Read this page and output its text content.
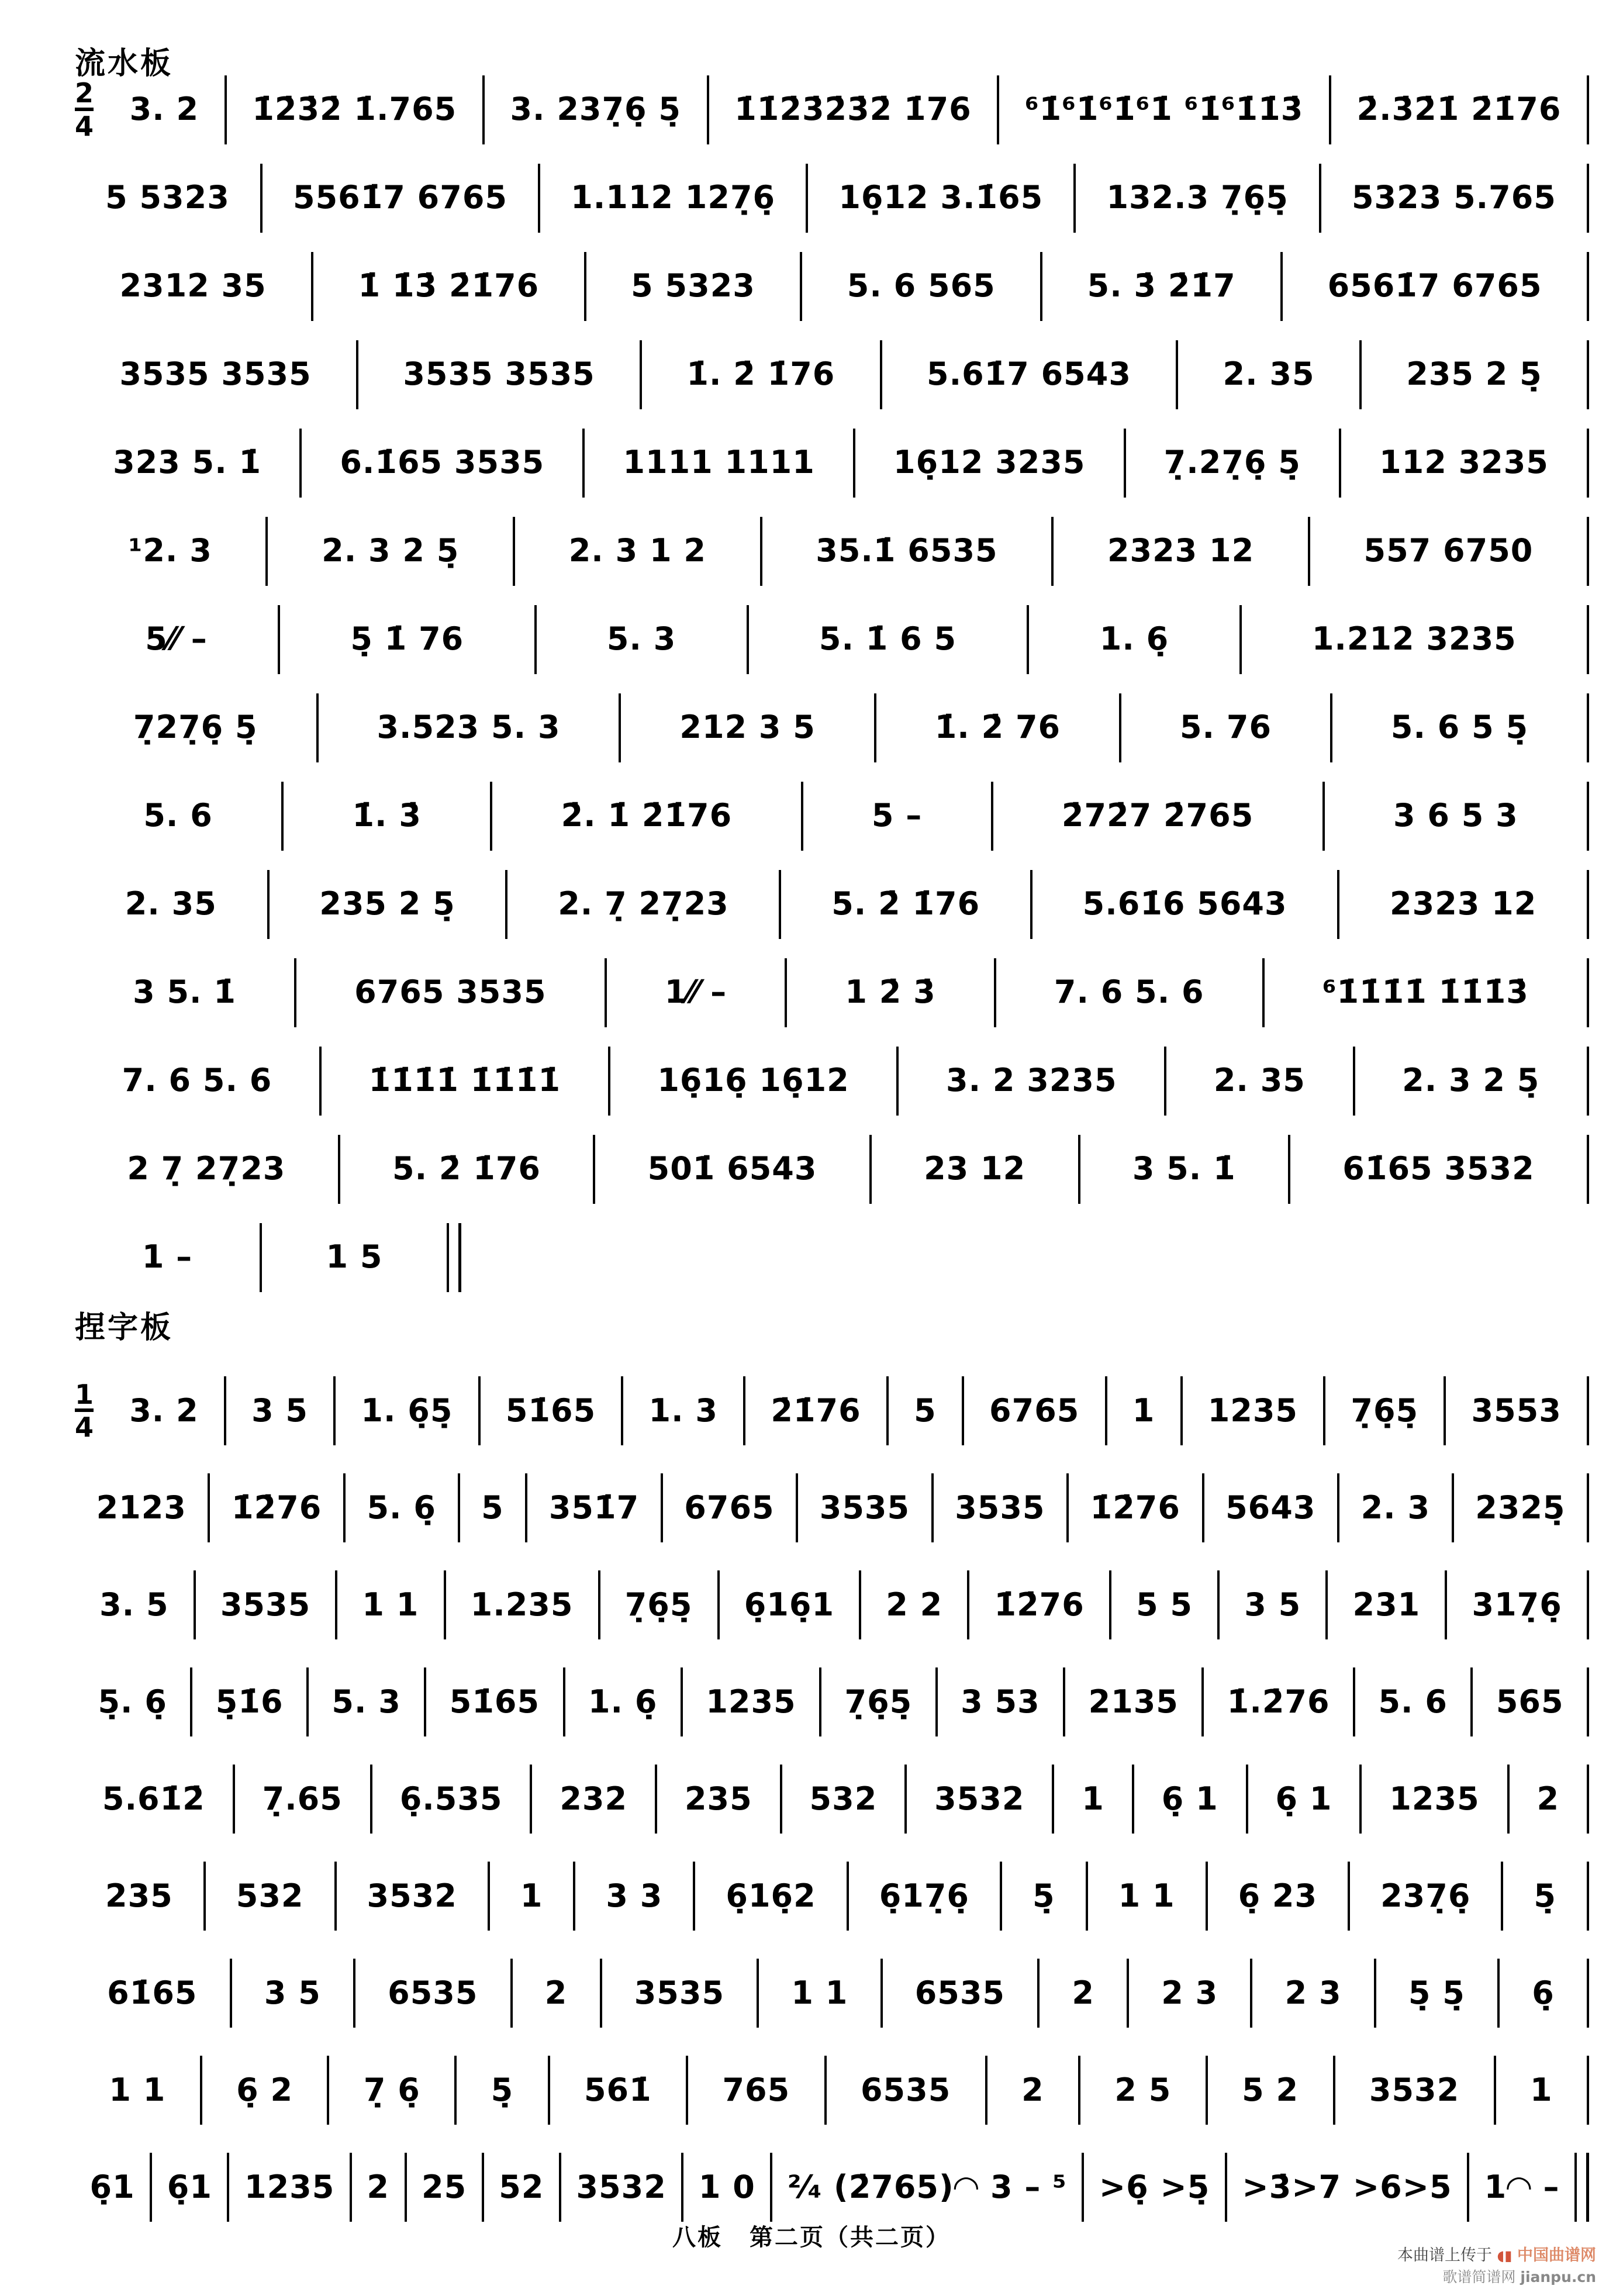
流水板
$\frac{2}{4}$	3. 2	1̇2̇3̇2̇ 1̇.765	3. 237̣6̣ 5̣	1̇1̇2̇3̇2̇3̇2̇ 1̇76	⁶1̇⁶1̇⁶1̇⁶1̇ ⁶1̇⁶1̇1̇3̇	2̇.3̇2̇1̇ 2̇1̇76
5 5323	5561̇7 6765	1.112 127̣6̣	16̣12 3.1̇65	132.3 7̣6̣5̣	5323 5.765
2312 35	1̇ 1̇3̇ 2̇1̇76	5 5323	5. 6 565	5. 3̇ 2̇1̇7	6561̇7 6765
3535 3535	3535 3535	1̇. 2̇ 1̇76	5.61̇7 6543	2. 35	235 2 5̣
323 5. 1̇	6.1̇65 3535	1111 1111	16̣12 3235	7̣.27̣6̣ 5̣	112 3235
¹2. 3	2. 3 2 5̣	2. 3 1 2	35.1̇ 6535	2323 12	557 6750
5⁄⁄ –	5̣ 1̇ 76	5. 3	5. 1̇ 6 5	1. 6̣	1.212 3235
7̣27̣6̣ 5̣	3.523 5. 3	212 3 5	1̇. 2̇ 76	5. 76	5. 6 5 5̣
5. 6	1̇. 3̇	2̇. 1̇ 2̇1̇76	5 –	2̇72̇7 2̇765	3 6 5 3
2. 35	235 2 5̣	2. 7̣ 27̣23	5. 2̇ 1̇76	5.61̇6 5643	2323 12
3 5. 1̇	6765 3535	1⁄⁄ –	1 2̇ 3̇	7. 6 5. 6	⁶1̇1̇1̇1̇ 1̇1̇1̇3̇
7. 6 5. 6	1̇1̇1̇1̇ 1̇1̇1̇1̇	16̣16̣ 16̣12	3. 2 3235	2. 35	2. 3 2 5̣
2 7̣ 27̣23	5. 2̇ 1̇76	501̇ 6543	23 12	3 5. 1̇	61̇65 3532
1 –	1 5
捏字板
$\frac{1}{4}$	3. 2	3 5	1. 6̣5̣	51̇65	1. 3	2̇1̇76	5	6765	1	1235	7̣6̣5̣	3553
2123	1̇2̇76	5. 6̣	5	351̇7	6765	3535	3535	1̇2̇76	5643	2. 3	2325̣
3. 5	3535	1 1	1.235	7̣6̣5̣	6̣16̣1	2 2	1̇2̇76	5 5	3 5	231	317̣6̣
5̣. 6̣	5̣1̇6	5. 3	51̇65	1. 6̣	1235	7̣6̣5̣	3 53	2135	1̇.2̇76	5. 6	565
5.61̇2̇	7̣.65	6̣.535	232	235	532	3532	1	6̣ 1	6̣ 1	1235	2
235	532	3532	1	3 3	6̣16̣2	6̣17̣6̣	5̣	1 1	6̣ 23	237̣6̣	5̣
61̇65	3 5	6535	2	3535	1 1	6535	2	2 3	2 3	5̣ 5̣	6̣
1 1	6̣ 2	7̣ 6̣	5̣	561̇	765	6535	2	2 5	5 2	3532	1
6̣1	6̣1	1235	2	25	52	3532	1 0	²⁄₄ (2̇765)◠ 3 – ⁵	>6̣ >5̣	>3̇>7 >6>5	1◠ –
八板 第二页（共二页）
本曲谱上传于 ◖▮ 中国曲谱网
歌谱简谱网 jianpu.cn
